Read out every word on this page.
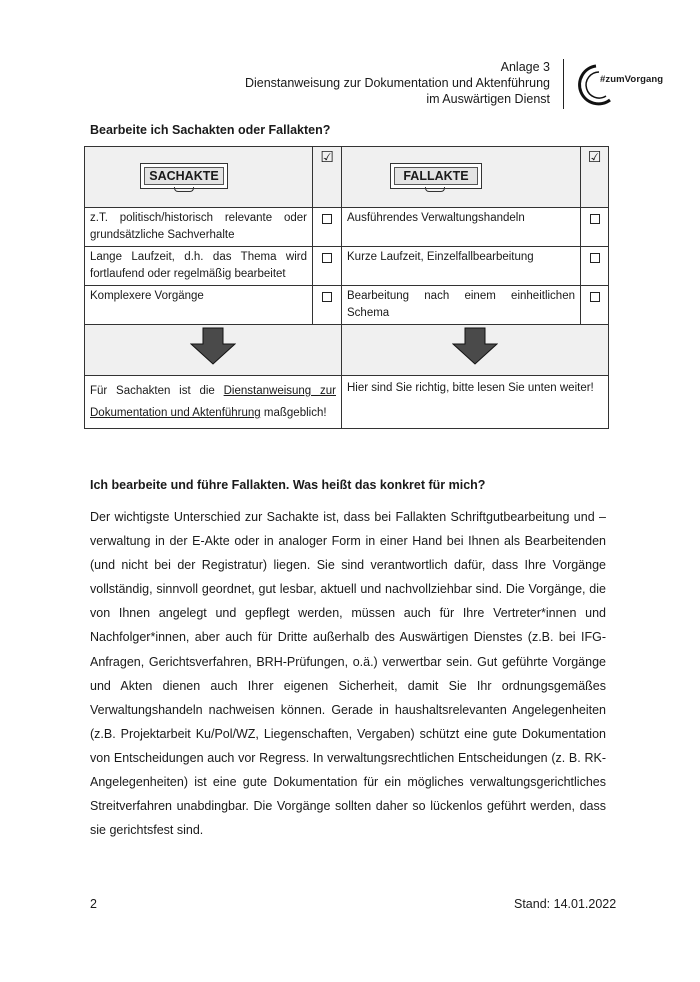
Anlage 3
Dienstanweisung zur Dokumentation und Aktenführung
im Auswärtigen Dienst
#zumVorgang
Bearbeite ich Sachakten oder Fallakten?
SACHAKTE	☑	FALLAKTE	☑
z.T. politisch/historisch relevante oder grundsätzliche Sachverhalte		Ausführendes Verwaltungshandeln	
Lange Laufzeit, d.h. das Thema wird fortlaufend oder regelmäßig bearbeitet		Kurze Laufzeit, Einzelfallbearbeitung	
Komplexere Vorgänge		Bearbeitung nach einem einheitlichen Schema	

Für Sachakten ist die Dienstanweisung zur Dokumentation und Aktenführung maßgeblich!		Hier sind Sie richtig, bitte lesen Sie unten weiter!	
Ich bearbeite und führe Fallakten. Was heißt das konkret für mich?

Der wichtigste Unterschied zur Sachakte ist, dass bei Fallakten Schriftgutbearbeitung und – verwaltung in der E-Akte oder in analoger Form in einer Hand bei Ihnen als Bearbeitenden (und nicht bei der Registratur) liegen. Sie sind verantwortlich dafür, dass Ihre Vorgänge vollständig, sinnvoll geordnet, gut lesbar, aktuell und nachvollziehbar sind. Die Vorgänge, die von Ihnen angelegt und gepflegt werden, müssen auch für Ihre Vertreter*innen und Nachfolger*innen, aber auch für Dritte außerhalb des Auswärtigen Dienstes (z.B. bei IFG-Anfragen, Gerichtsverfahren, BRH-Prüfungen, o.ä.) verwertbar sein. Gut geführte Vorgänge und Akten dienen auch Ihrer eigenen Sicherheit, damit Sie Ihr ordnungsgemäßes Verwaltungshandeln nachweisen können. Gerade in haushaltsrelevanten Angelegenheiten (z.B. Projektarbeit Ku/Pol/WZ, Liegenschaften, Vergaben) schützt eine gute Dokumentation von Entscheidungen auch vor Regress. In verwaltungsrechtlichen Entscheidungen (z. B. RK-Angelegenheiten) ist eine gute Dokumentation für ein mögliches verwaltungsgerichtliches Streitverfahren unabdingbar. Die Vorgänge sollten daher so lückenlos geführt werden, dass sie gerichtsfest sind.

2	Stand: 14.01.2022
